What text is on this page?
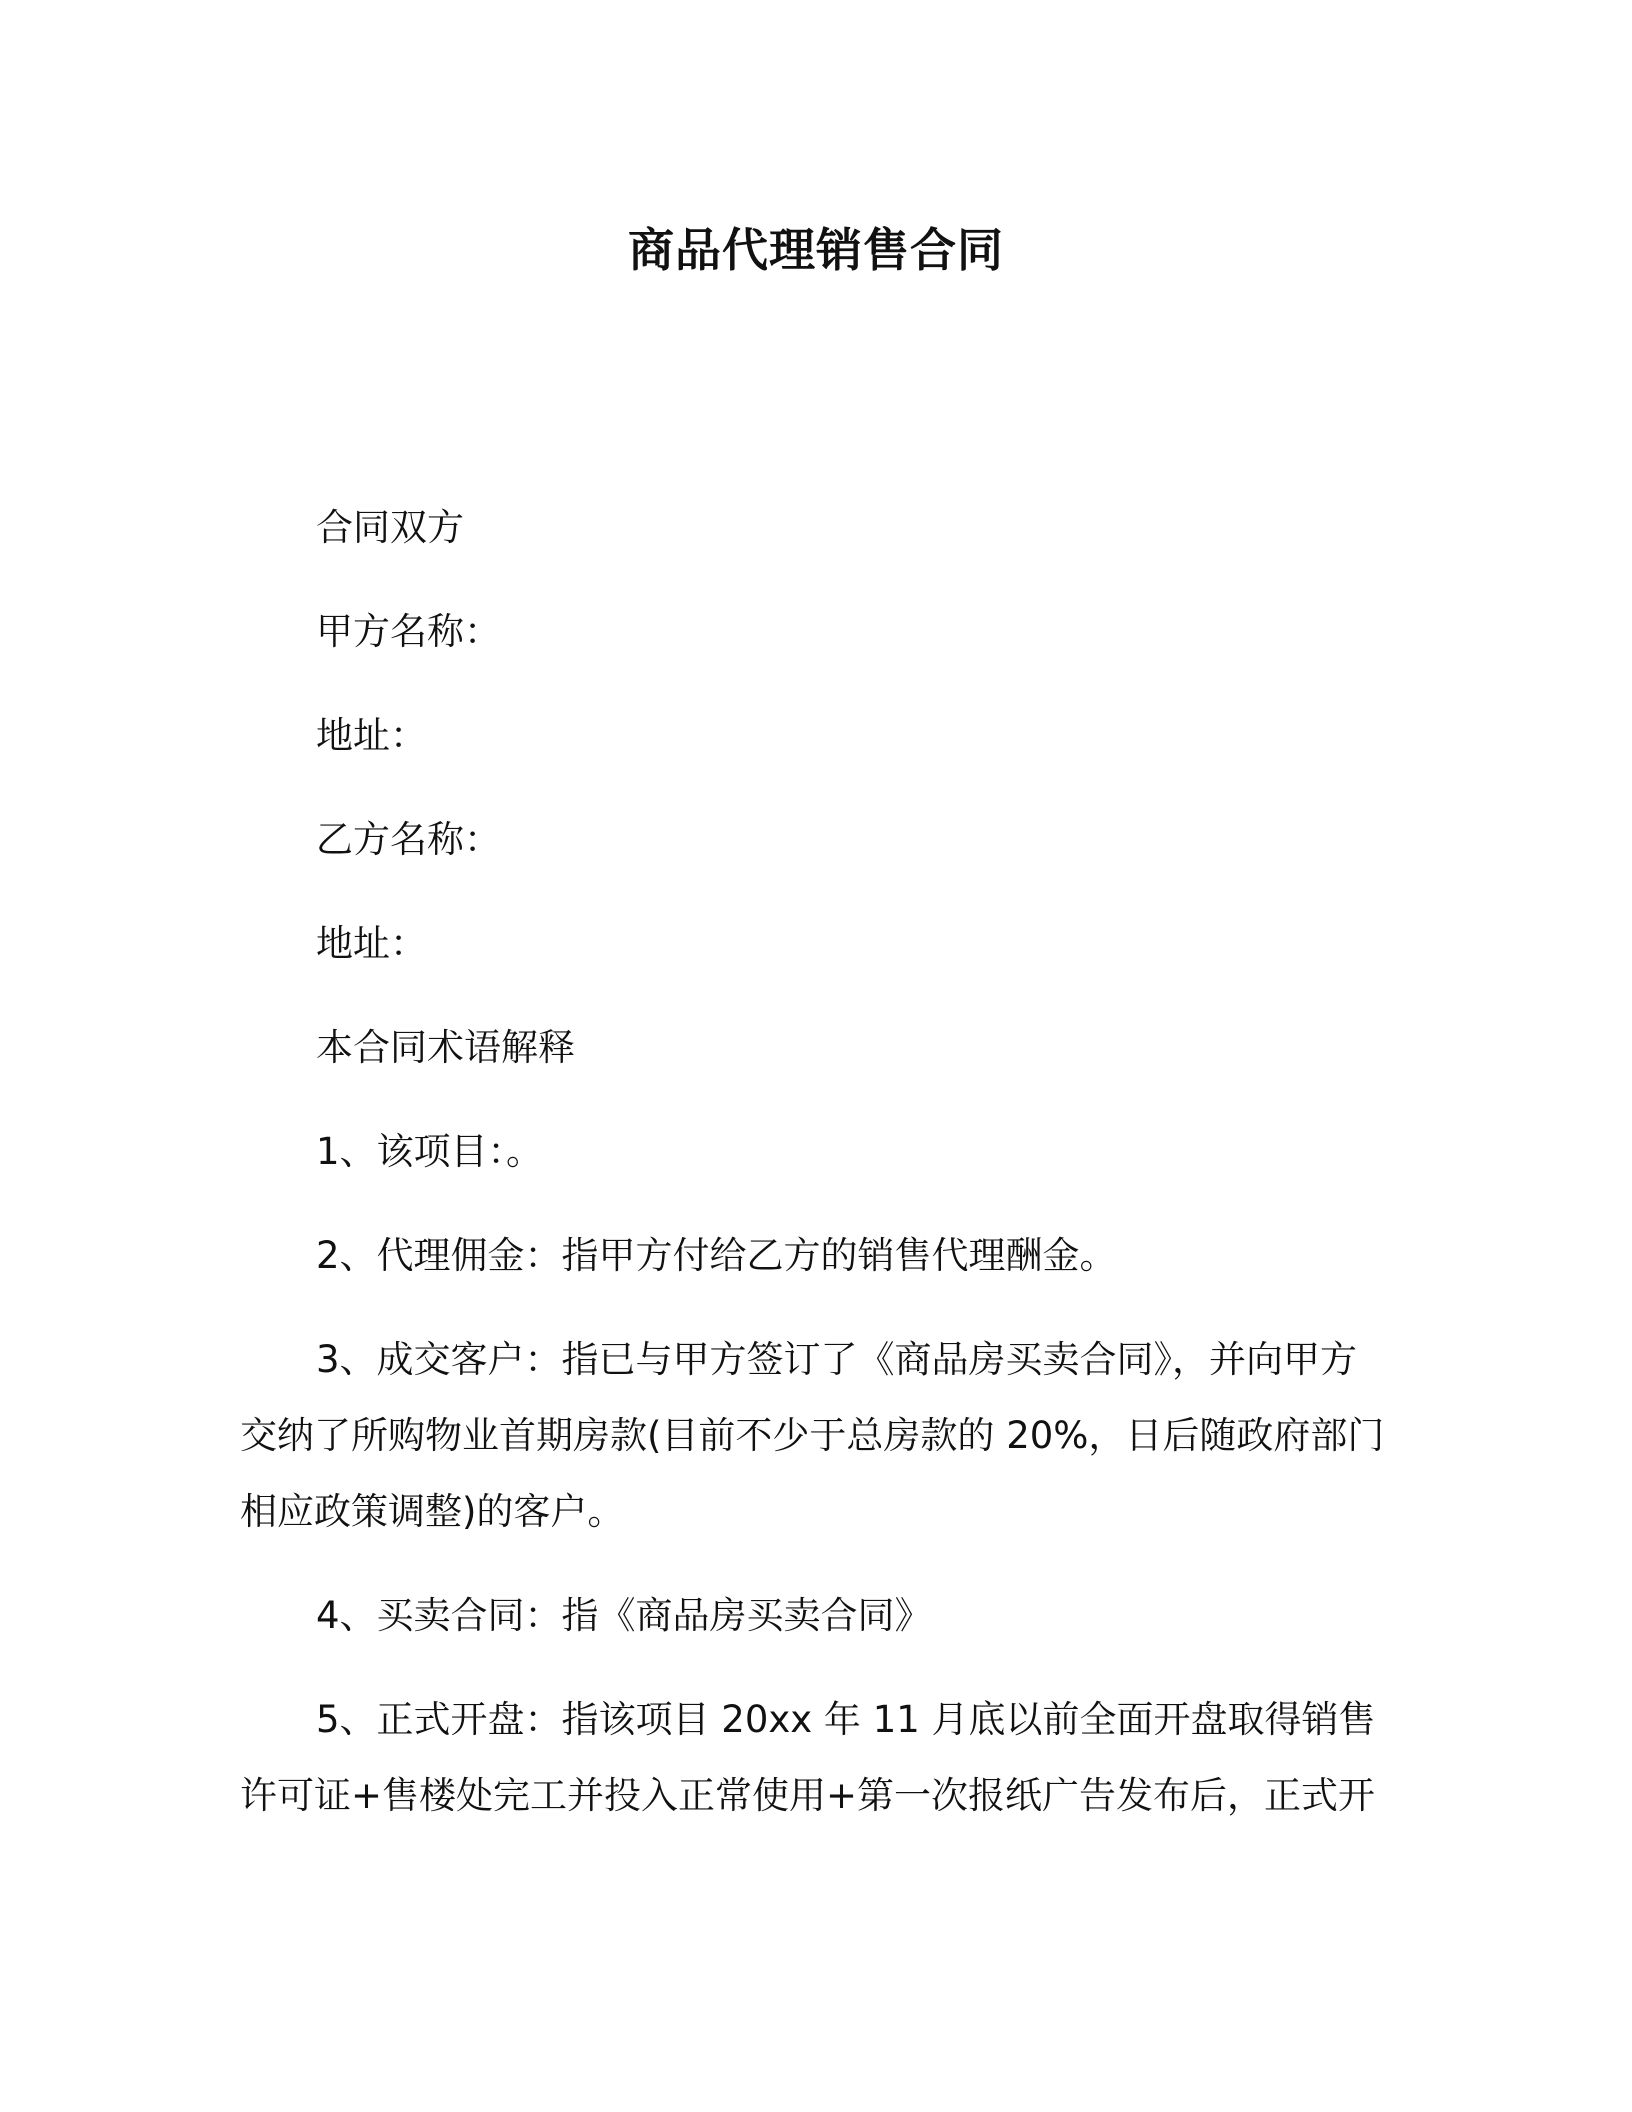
商品代理销售合同
合同双方
甲方名称：
地址：
乙方名称：
地址：
本合同术语解释
1、该项目：。
2、代理佣金：指甲方付给乙方的销售代理酬金。
3、成交客户：指已与甲方签订了《商品房买卖合同》，并向甲方
交纳了所购物业首期房款(目前不少于总房款的 20%，日后随政府部门
相应政策调整)的客户。
4、买卖合同：指《商品房买卖合同》
5、正式开盘：指该项目 20xx 年 11 月底以前全面开盘取得销售
许可证+售楼处完工并投入正常使用+第一次报纸广告发布后，正式开
